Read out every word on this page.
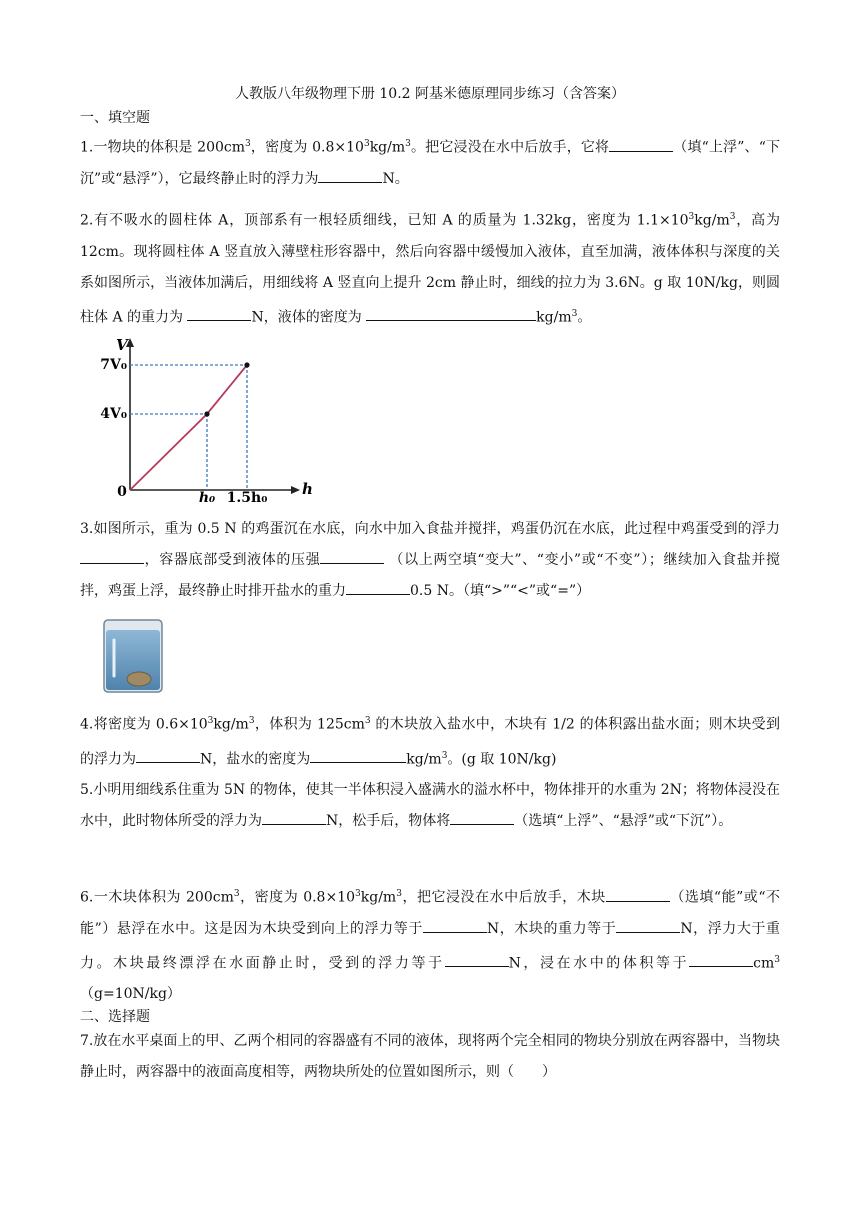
人教版八年级物理下册 10.2 阿基米德原理同步练习（含答案）
一、填空题
1.一物块的体积是 $200cm^3$，密度为 $0.8\times 10^3kg/m^3$。把它浸没在水中后放手，它将	（填“上浮”、“下沉”或“悬浮”），它最终静止时的浮力为	N。
2.有不吸水的圆柱体 A，顶部系有一根轻质细线，已知 A 的质量为 1.32kg，密度为 $1.1\times 10^3kg/m^3$，高为 12cm。现将圆柱体 A 竖直放入薄壁柱形容器中，然后向容器中缓慢加入液体，直至加满，液体体积与深度的关系如图所示，当液体加满后，用细线将 A 竖直向上提升 2cm 静止时，细线的拉力为 3.6N。g 取 10N/kg，则圆柱体 A 的重力为	N，液体的密度为	$kg/m^3$。
V
h
0
7V₀
4V₀
h₀ 1.5h₀
3.如图所示，重为 0.5 N 的鸡蛋沉在水底，向水中加入食盐并搅拌，鸡蛋仍沉在水底，此过程中鸡蛋受到的浮力，容器底部受到液体的压强	（以上两空填“变大”、“变小”或“不变”）；继续加入食盐并搅拌，鸡蛋上浮，最终静止时排开盐水的重力	0.5 N。（填“>”“<”或“=”）
4.将密度为 $0.6\times 10^3kg/m^3$，体积为 $125cm^3$ 的木块放入盐水中，木块有 1/2 的体积露出盐水面；则木块受到的浮力为	N，盐水的密度为	$kg/m^3$。(g 取 10N/kg)
5.小明用细线系住重为 5N 的物体，使其一半体积浸入盛满水的溢水杯中，物体排开的水重为 2N；将物体浸没在水中，此时物体所受的浮力为	N，松手后，物体将	（选填“上浮”、“悬浮”或“下沉”）。
6.一木块体积为 $200cm^3$，密度为 $0.8\times 10^3kg/m^3$，把它浸没在水中后放手，木块	（选填“能”或“不能”）悬浮在水中。这是因为木块受到向上的浮力等于	N，木块的重力等于	N，浮力大于重力。木块最终漂浮在水面静止时，受到的浮力等于	N，浸在水中的体积等于	$cm^3(g=10N/kg)$
二、选择题
7.放在水平桌面上的甲、乙两个相同的容器盛有不同的液体，现将两个完全相同的物块分别放在两容器中，当物块静止时，两容器中的液面高度相等，两物块所处的位置如图所示，则（　　）
